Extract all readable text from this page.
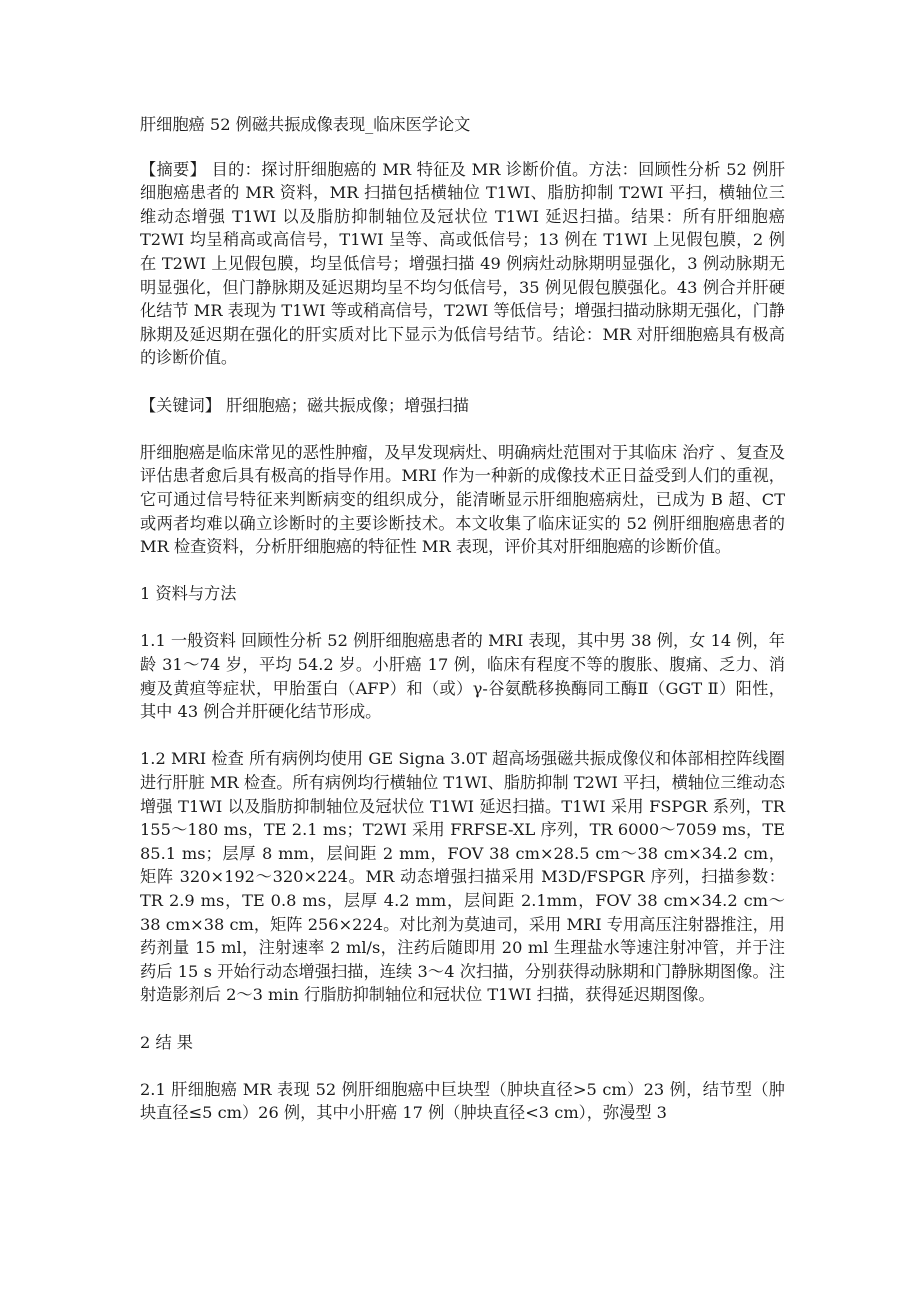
肝细胞癌 52 例磁共振成像表现_临床医学论文

【摘要】 目的：探讨肝细胞癌的 MR 特征及 MR 诊断价值。方法：回顾性分析 52 例肝细胞癌患者的 MR 资料，MR 扫描包括横轴位 T1WI、脂肪抑制 T2WI 平扫，横轴位三维动态增强 T1WI 以及脂肪抑制轴位及冠状位 T1WI 延迟扫描。结果：所有肝细胞癌 T2WI 均呈稍高或高信号，T1WI 呈等、高或低信号；13 例在 T1WI 上见假包膜，2 例在 T2WI 上见假包膜，均呈低信号；增强扫描 49 例病灶动脉期明显强化，3 例动脉期无明显强化，但门静脉期及延迟期均呈不均匀低信号，35 例见假包膜强化。43 例合并肝硬化结节 MR 表现为 T1WI 等或稍高信号，T2WI 等低信号；增强扫描动脉期无强化，门静脉期及延迟期在强化的肝实质对比下显示为低信号结节。结论：MR 对肝细胞癌具有极高的诊断价值。

【关键词】 肝细胞癌；磁共振成像；增强扫描

肝细胞癌是临床常见的恶性肿瘤，及早发现病灶、明确病灶范围对于其临床 治疗 、复查及评估患者愈后具有极高的指导作用。MRI 作为一种新的成像技术正日益受到人们的重视，它可通过信号特征来判断病变的组织成分，能清晰显示肝细胞癌病灶，已成为 B 超、CT 或两者均难以确立诊断时的主要诊断技术。本文收集了临床证实的 52 例肝细胞癌患者的 MR 检查资料，分析肝细胞癌的特征性 MR 表现，评价其对肝细胞癌的诊断价值。

1 资料与方法

1.1 一般资料 回顾性分析 52 例肝细胞癌患者的 MRI 表现，其中男 38 例，女 14 例，年龄 31～74 岁，平均 54.2 岁。小肝癌 17 例，临床有程度不等的腹胀、腹痛、乏力、消瘦及黄疸等症状，甲胎蛋白（AFP）和（或）γ-谷氨酰移换酶同工酶Ⅱ（GGT Ⅱ）阳性，其中 43 例合并肝硬化结节形成。

1.2 MRI 检查 所有病例均使用 GE Signa 3.0T 超高场强磁共振成像仪和体部相控阵线圈进行肝脏 MR 检查。所有病例均行横轴位 T1WI、脂肪抑制 T2WI 平扫，横轴位三维动态增强 T1WI 以及脂肪抑制轴位及冠状位 T1WI 延迟扫描。T1WI 采用 FSPGR 系列，TR 155～180 ms，TE 2.1 ms；T2WI 采用 FRFSE-XL 序列，TR 6000～7059 ms，TE 85.1 ms；层厚 8 mm，层间距 2 mm，FOV 38 cm×28.5 cm～38 cm×34.2 cm，矩阵 320×192～320×224。MR 动态增强扫描采用 M3D/FSPGR 序列，扫描参数：TR 2.9 ms，TE 0.8 ms，层厚 4.2 mm，层间距 2.1mm，FOV 38 cm×34.2 cm～38 cm×38 cm，矩阵 256×224。对比剂为莫迪司，采用 MRI 专用高压注射器推注，用药剂量 15 ml，注射速率 2 ml/s，注药后随即用 20 ml 生理盐水等速注射冲管，并于注药后 15 s 开始行动态增强扫描，连续 3～4 次扫描，分别获得动脉期和门静脉期图像。注射造影剂后 2～3 min 行脂肪抑制轴位和冠状位 T1WI 扫描，获得延迟期图像。

2 结 果

2.1 肝细胞癌 MR 表现 52 例肝细胞癌中巨块型（肿块直径>5 cm）23 例，结节型（肿块直径≤5 cm）26 例，其中小肝癌 17 例（肿块直径<3 cm），弥漫型 3
